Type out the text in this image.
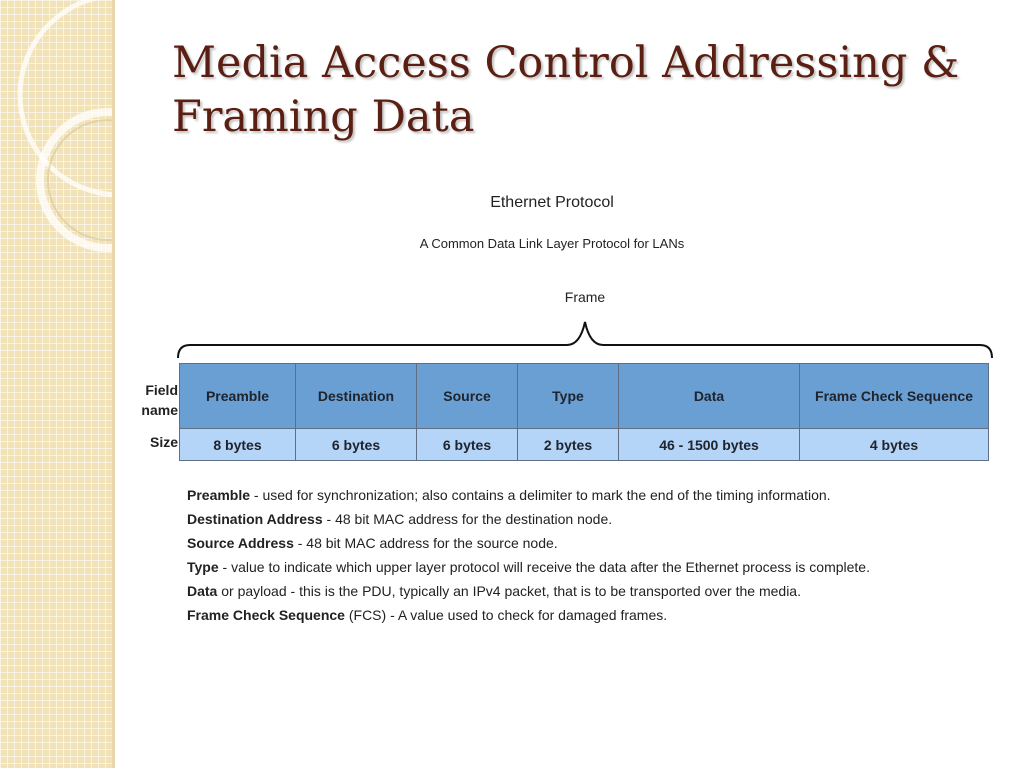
Media Access Control Addressing &
Framing Data
Ethernet Protocol
A Common Data Link Layer Protocol for LANs
Frame
Field name
Size
Preamble	Destination	Source	Type	Data	Frame Check Sequence
8 bytes	6 bytes	6 bytes	2 bytes	46 - 1500 bytes	4 bytes
Preamble - used for synchronization; also contains a delimiter to mark the end of the timing information.
Destination Address - 48 bit MAC address for the destination node.
Source Address - 48 bit MAC address for the source node.
Type - value to indicate which upper layer protocol will receive the data after the Ethernet process is complete.
Data or payload - this is the PDU, typically an IPv4 packet, that is to be transported over the media.
Frame Check Sequence (FCS) - A value used to check for damaged frames.
